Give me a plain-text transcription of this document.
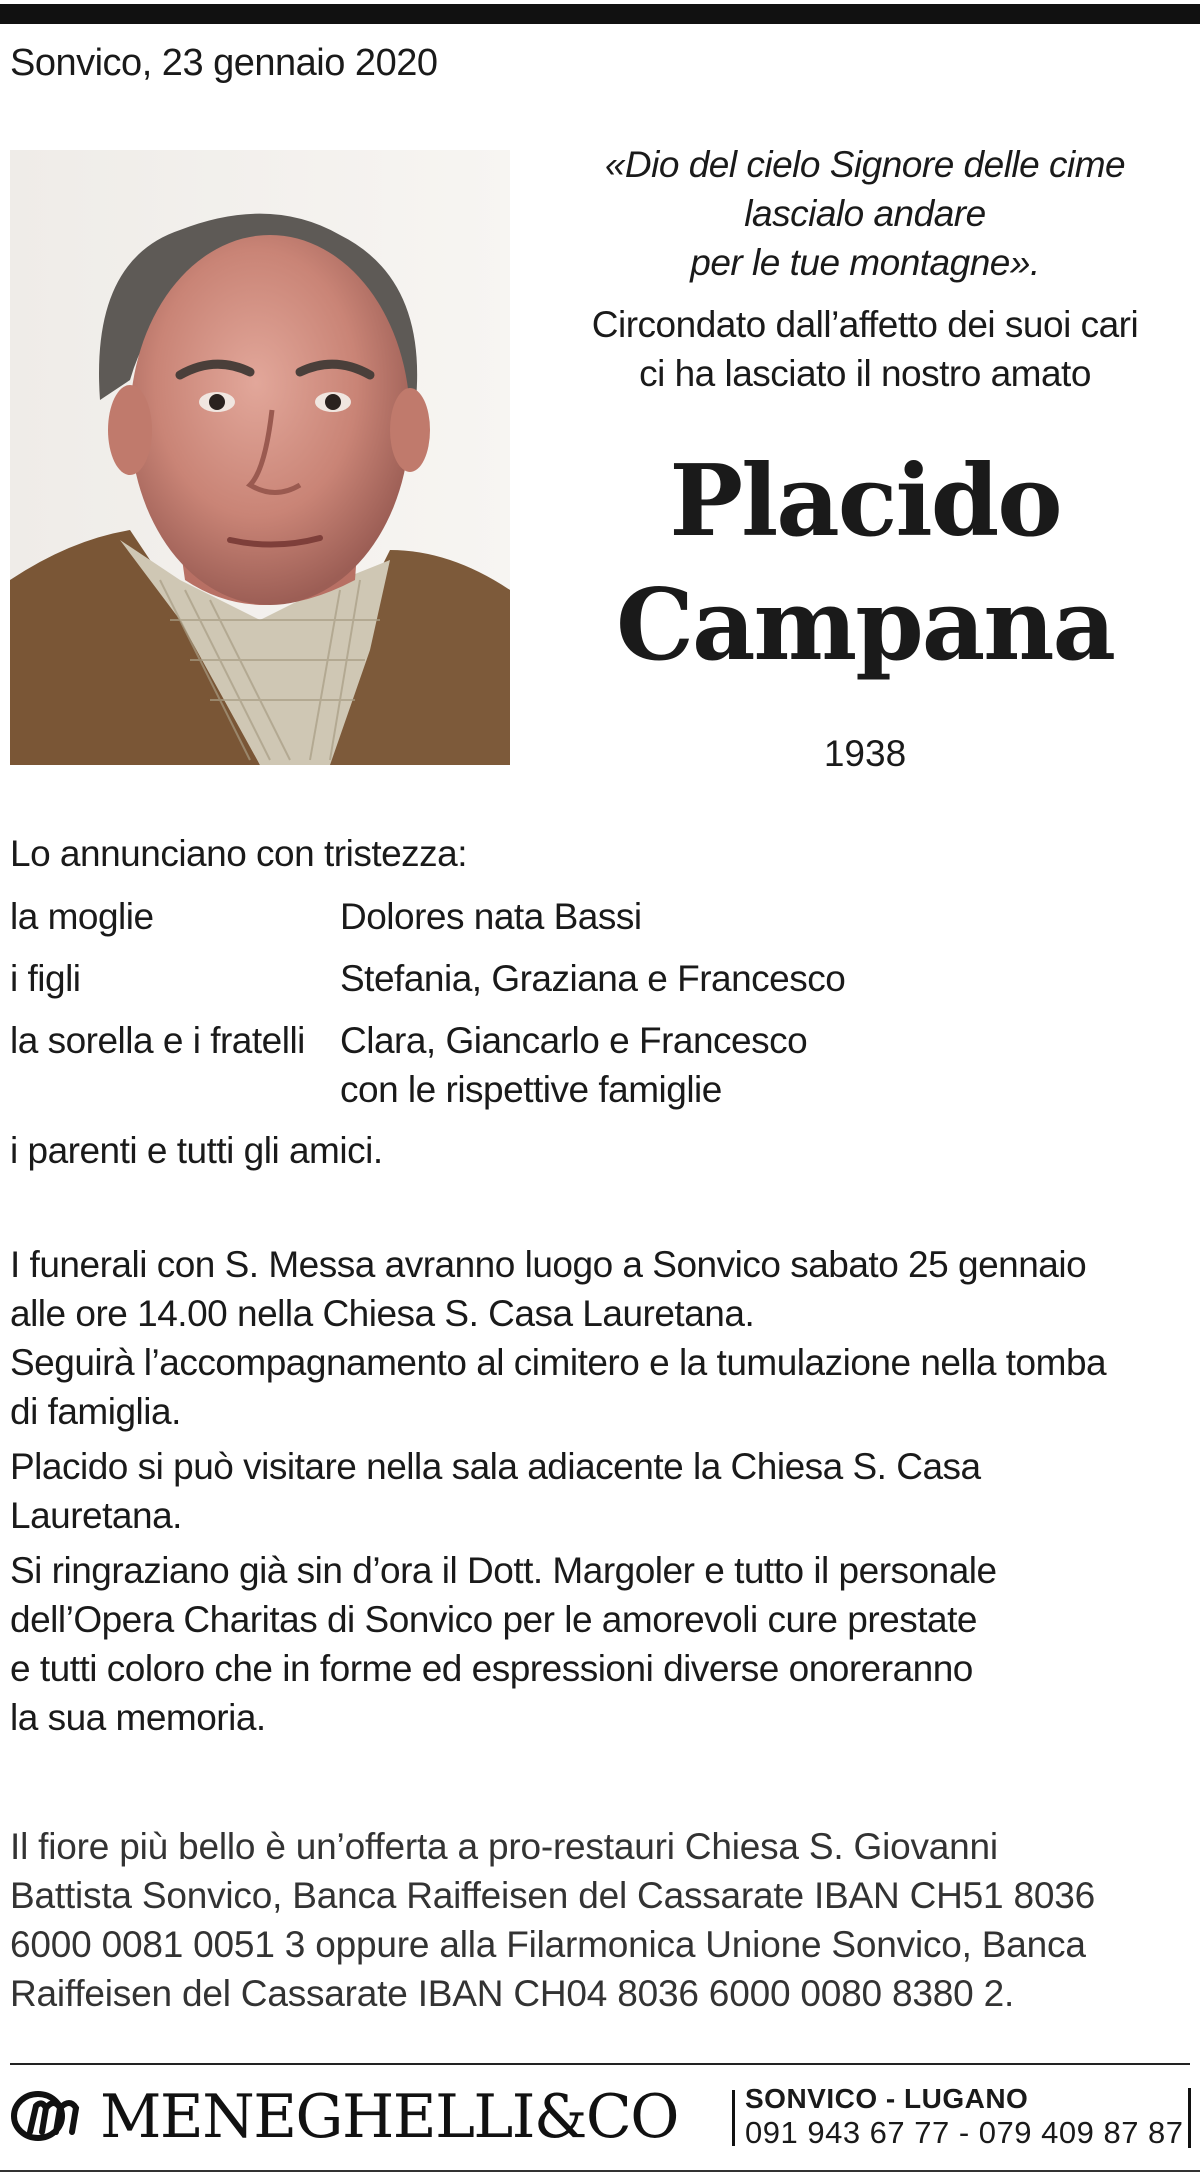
Sonvico, 23 gennaio 2020
«Dio del cielo Signore delle cime
lascialo andare
per le tue montagne».
Circondato dall’affetto dei suoi cari
ci ha lasciato il nostro amato
Placido
Campana
1938
Lo annunciano con tristezza:
la moglie	Dolores nata Bassi
i figli	Stefania, Graziana e Francesco
la sorella e i fratelli Clara, Giancarlo e Francesco
con le rispettive famiglie
i parenti e tutti gli amici.

I funerali con S. Messa avranno luogo a Sonvico sabato 25 gennaio
alle ore 14.00 nella Chiesa S. Casa Lauretana.
Seguirà l’accompagnamento al cimitero e la tumulazione nella tomba
di famiglia.

Placido si può visitare nella sala adiacente la Chiesa S. Casa
Lauretana.

Si ringraziano già sin d’ora il Dott. Margoler e tutto il personale
dell’Opera Charitas di Sonvico per le amorevoli cure prestate
e tutti coloro che in forme ed espressioni diverse onoreranno
la sua memoria.

Il fiore più bello è un’offerta a pro-restauri Chiesa S. Giovanni
Battista Sonvico, Banca Raiffeisen del Cassarate IBAN CH51 8036
6000 0081 0051 3 oppure alla Filarmonica Unione Sonvico, Banca
Raiffeisen del Cassarate IBAN CH04 8036 6000 0080 8380 2.
MENEGHELLI&CO SONVICO - LUGANO
091 943 67 77 - 079 409 87 87
